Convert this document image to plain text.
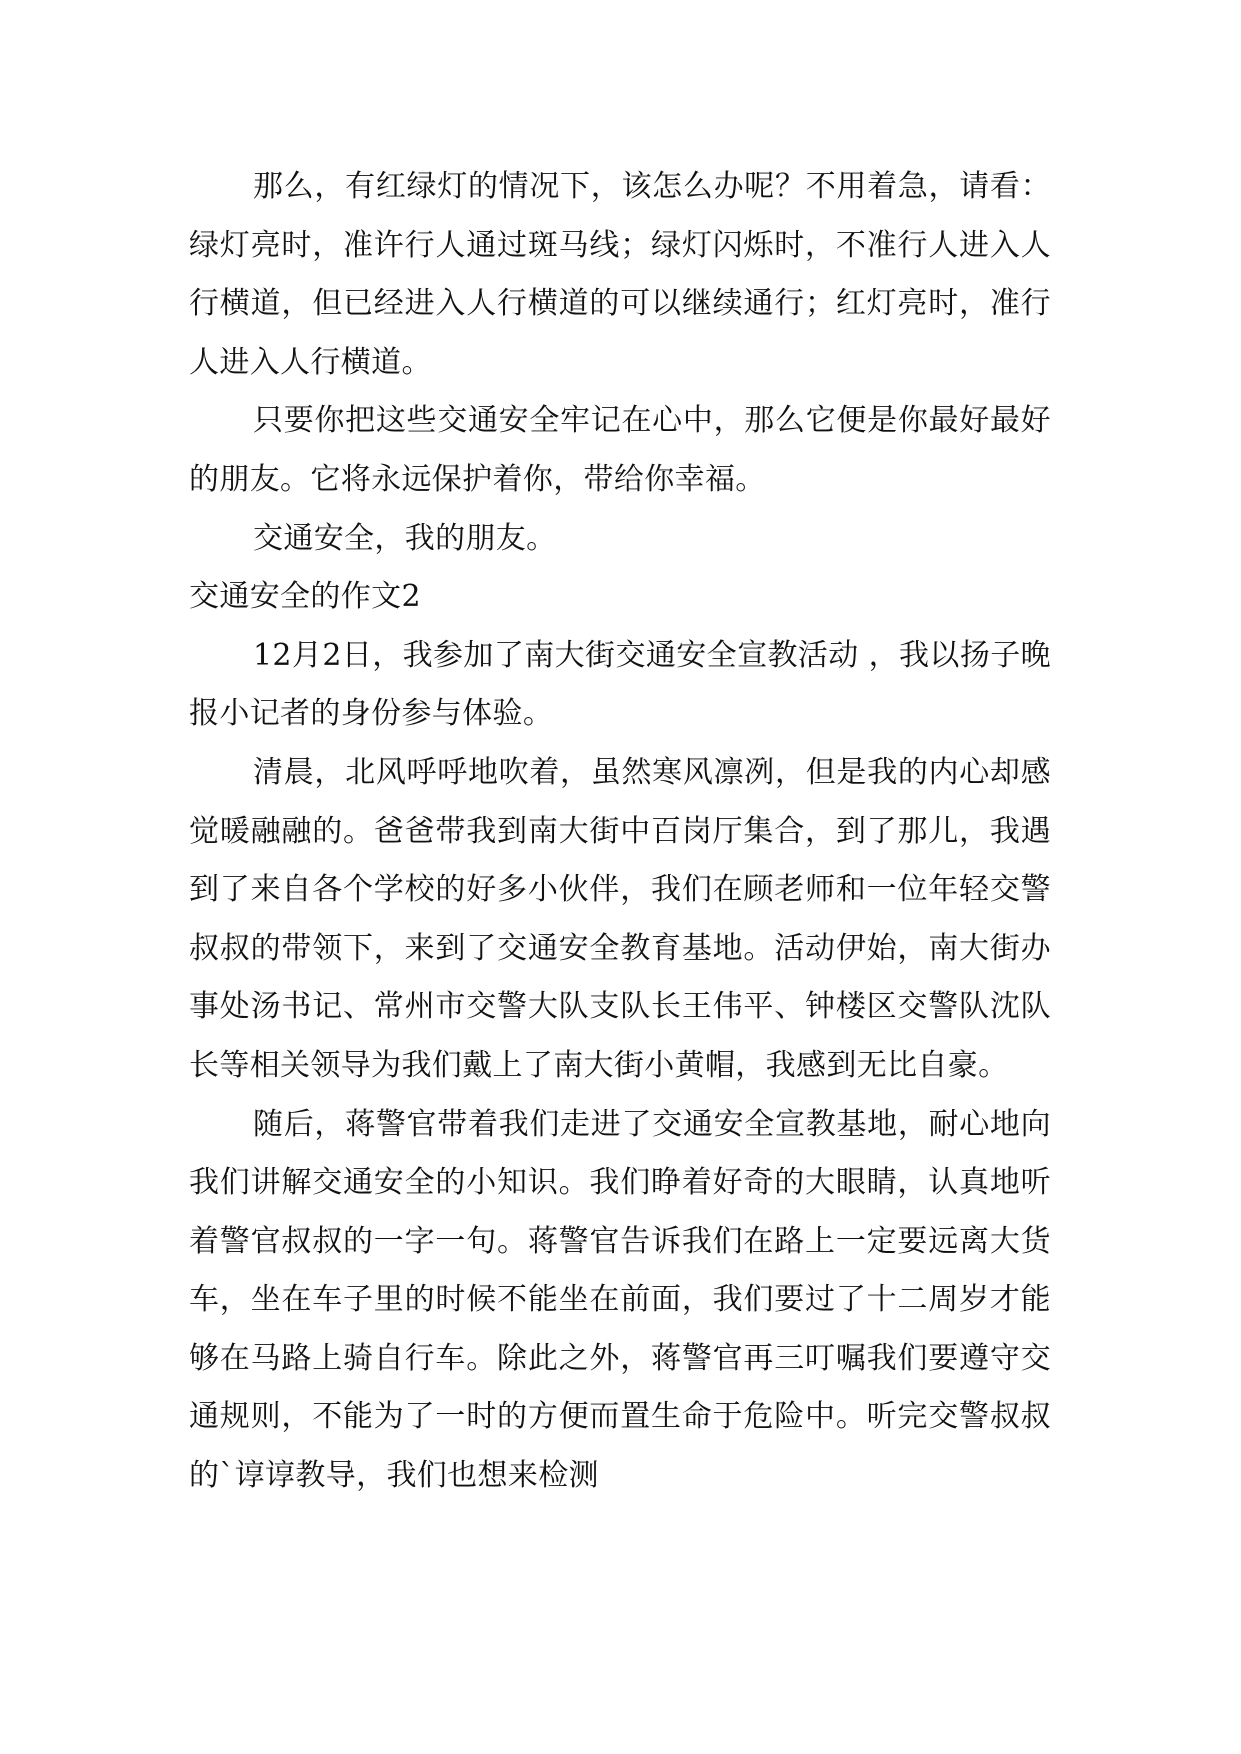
那么，有红绿灯的情况下，该怎么办呢？不用着急，请看：绿灯亮时，准许行人通过斑马线；绿灯闪烁时，不准行人进入人行横道，但已经进入人行横道的可以继续通行；红灯亮时，准行人进入人行横道。

只要你把这些交通安全牢记在心中，那么它便是你最好最好的朋友。它将永远保护着你，带给你幸福。

交通安全，我的朋友。

交通安全的作文2

12月2日，我参加了南大街交通安全宣教活动 ，我以扬子晚报小记者的身份参与体验。

清晨，北风呼呼地吹着，虽然寒风凛冽，但是我的内心却感觉暖融融的。爸爸带我到南大街中百岗厅集合，到了那儿，我遇到了来自各个学校的好多小伙伴，我们在顾老师和一位年轻交警叔叔的带领下，来到了交通安全教育基地。活动伊始，南大街办事处汤书记、常州市交警大队支队长王伟平、钟楼区交警队沈队长等相关领导为我们戴上了南大街小黄帽，我感到无比自豪。

随后，蒋警官带着我们走进了交通安全宣教基地，耐心地向我们讲解交通安全的小知识。我们睁着好奇的大眼睛，认真地听着警官叔叔的一字一句。蒋警官告诉我们在路上一定要远离大货车，坐在车子里的时候不能坐在前面，我们要过了十二周岁才能够在马路上骑自行车。除此之外，蒋警官再三叮嘱我们要遵守交通规则，不能为了一时的方便而置生命于危险中。听完交警叔叔的`谆谆教导，我们也想来检测
